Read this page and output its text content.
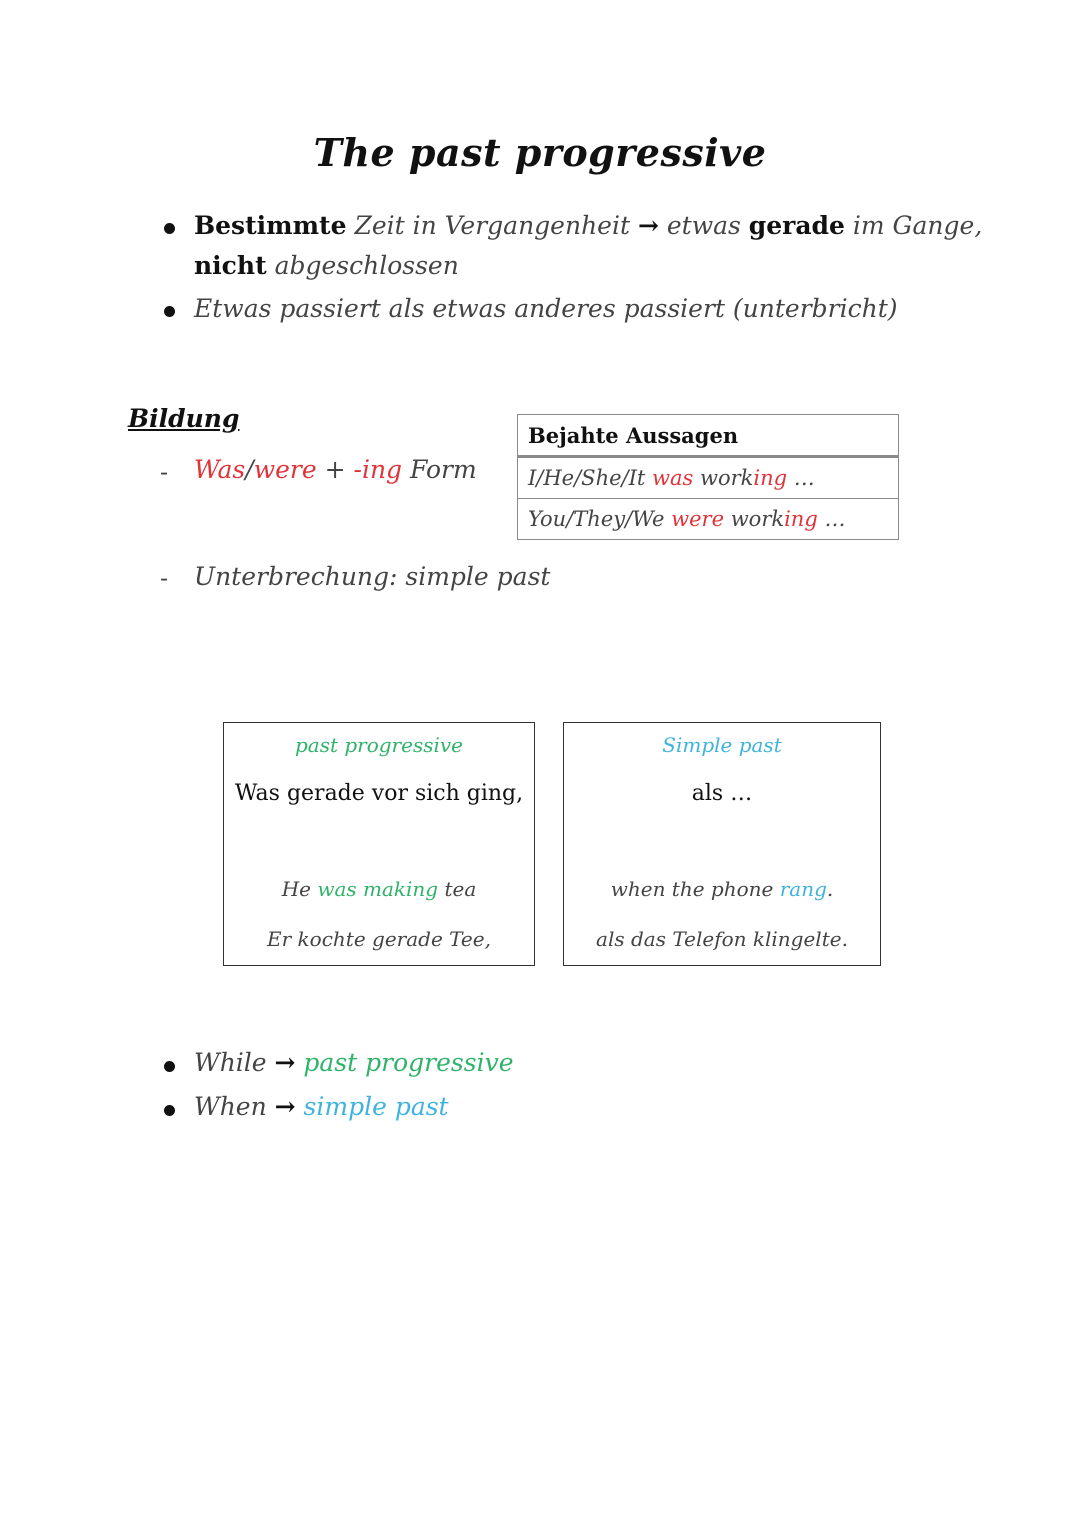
The past progressive
Bestimmte Zeit in Vergangenheit → etwas gerade im Gange,
nicht abgeschlossen
Etwas passiert als etwas anderes passiert (unterbricht)
Bildung
- Was/were + -ing Form
Bejahte Aussagen
I/He/She/It was working …
You/They/We were working …
- Unterbrechung: simple past
past progressive
Was gerade vor sich ging,
He was making tea
Er kochte gerade Tee,
Simple past
als …
when the phone rang.
als das Telefon klingelte.
While → past progressive
When → simple past
